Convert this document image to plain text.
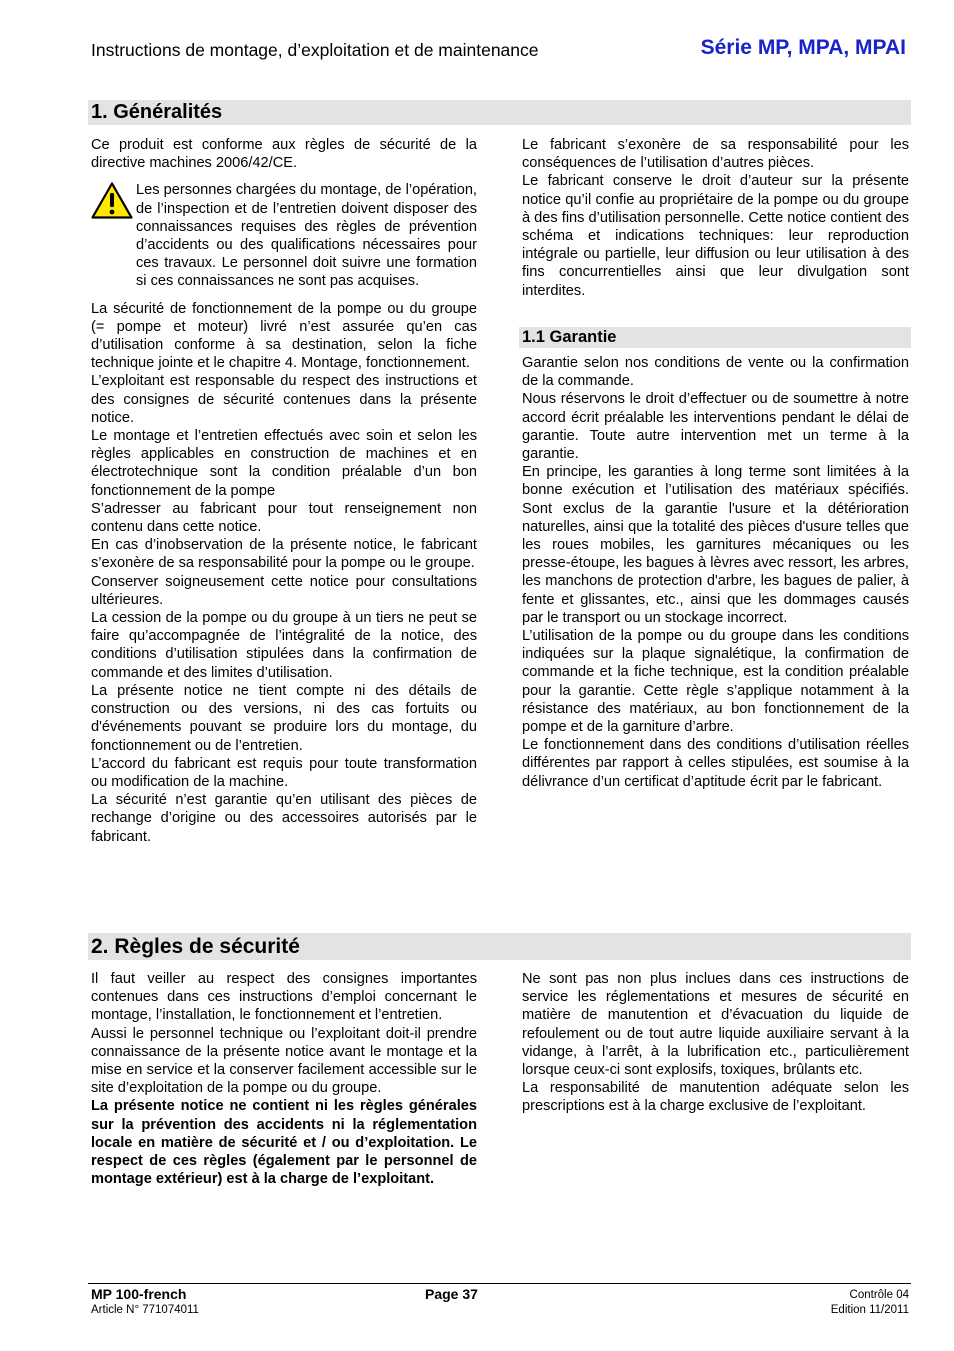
Instructions de montage, d’exploitation et de maintenance	Série MP, MPA, MPAI
1. Généralités

Ce produit est conforme aux règles de sécurité de la directive machines 2006/42/CE.

Les personnes chargées du montage, de l’opération, de l’inspection et de l’entretien doivent disposer des connaissances requises des règles de prévention d’accidents ou des qualifications nécessaires pour ces travaux. Le personnel doit suivre une formation si ces connaissances ne sont pas acquises.

La sécurité de fonctionnement de la pompe ou du groupe (= pompe et moteur) livré n’est assurée qu’en cas d’utilisation conforme à sa destination, selon la fiche technique jointe et le chapitre 4. Montage, fonctionnement.

L’exploitant est responsable du respect des instructions et des consignes de sécurité contenues dans la présente notice.

Le montage et l’entretien effectués avec soin et selon les règles applicables en construction de machines et en électrotechnique sont la condition préalable d’un bon fonctionnement de la pompe

S’adresser au fabricant pour tout renseignement non contenu dans cette notice.

En cas d’inobservation de la présente notice, le fabricant s’exonère de sa responsabilité pour la pompe ou le groupe.

Conserver soigneusement cette notice pour consultations ultérieures.

La cession de la pompe ou du groupe à un tiers ne peut se faire qu’accompagnée de l’intégralité de la notice, des conditions d’utilisation stipulées dans la confirmation de commande et des limites d’utilisation.

La présente notice ne tient compte ni des détails de construction ou des versions, ni des cas fortuits ou d'événements pouvant se produire lors du montage, du fonctionnement ou de l’entretien.

L’accord du fabricant est requis pour toute transformation ou modification de la machine.

La sécurité n’est garantie qu’en utilisant des pièces de rechange d’origine ou des accessoires autorisés par le fabricant.

Le fabricant s’exonère de sa responsabilité pour les conséquences de l’utilisation d’autres pièces.

Le fabricant conserve le droit d’auteur sur la présente notice qu’il confie au propriétaire de la pompe ou du groupe à des fins d’utilisation personnelle. Cette notice contient des schéma et indications techniques: leur reproduction intégrale ou partielle, leur diffusion ou leur utilisation à des fins concurrentielles ainsi que leur divulgation sont interdites.

1.1 Garantie

Garantie selon nos conditions de vente ou la confirmation de la commande.

Nous réservons le droit d’effectuer ou de soumettre à notre accord écrit préalable les interventions pendant le délai de garantie. Toute autre intervention met un terme à la garantie.

En principe, les garanties à long terme sont limitées à la bonne exécution et l’utilisation des matériaux spécifiés. Sont exclus de la garantie l'usure et la détérioration naturelles, ainsi que la totalité des pièces d'usure telles que les roues mobiles, les garnitures mécaniques ou les presse-étoupe, les bagues à lèvres avec ressort, les arbres, les manchons de protection d'arbre, les bagues de palier, à fente et glissantes, etc., ainsi que les dommages causés par le transport ou un stockage incorrect.

L’utilisation de la pompe ou du groupe dans les conditions indiquées sur la plaque signalétique, la confirmation de commande et la fiche technique, est la condition préalable pour la garantie. Cette règle s’applique notamment à la résistance des matériaux, au bon fonctionnement de la pompe et de la garniture d’arbre.

Le fonctionnement dans des conditions d’utilisation réelles différentes par rapport à celles stipulées, est soumise à la délivrance d’un certificat d’aptitude écrit par le fabricant.

2. Règles de sécurité

Il faut veiller au respect des consignes importantes contenues dans ces instructions d’emploi concernant le montage, l’installation, le fonctionnement et l’entretien.

Aussi le personnel technique ou l’exploitant doit-il prendre connaissance de la présente notice avant le montage et la mise en service et la conserver facilement accessible sur le site d’exploitation de la pompe ou du groupe.

La présente notice ne contient ni les règles générales sur la prévention des accidents ni la réglementation locale en matière de sécurité et / ou d’exploitation. Le respect de ces règles (également par le personnel de montage extérieur) est à la charge de l’exploitant.

Ne sont pas non plus inclues dans ces instructions de service les réglementations et mesures de sécurité en matière de manutention et d’évacuation du liquide de refoulement ou de tout autre liquide auxiliaire servant à la vidange, à l’arrêt, à la lubrification etc., particulièrement lorsque ceux-ci sont explosifs, toxiques, brûlants etc.

La responsabilité de manutention adéquate selon les prescriptions est à la charge exclusive de l’exploitant.

MP 100-french
Article N° 771074011
Page 37	Contrôle 04
Edition 11/2011
